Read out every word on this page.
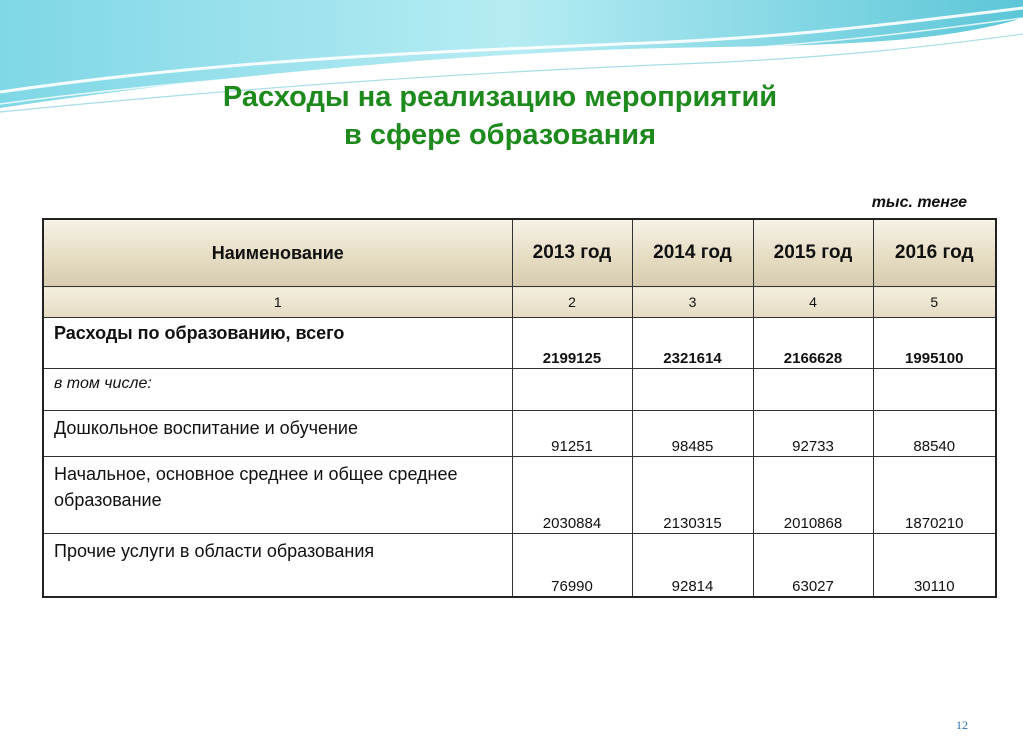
Расходы на реализацию мероприятий
в сфере образования
тыс. тенге
Наименование	2013 год	2014 год	2015 год	2016 год
1	2	3	4	5
Расходы по образованию, всего	2199125	2321614	2166628	1995100
в том числе:				
Дошкольное воспитание и обучение	91251	98485	92733	88540
Начальное, основное среднее и общее среднее образование	2030884	2130315	2010868	1870210
Прочие услуги в области образования	76990	92814	63027	30110
12
